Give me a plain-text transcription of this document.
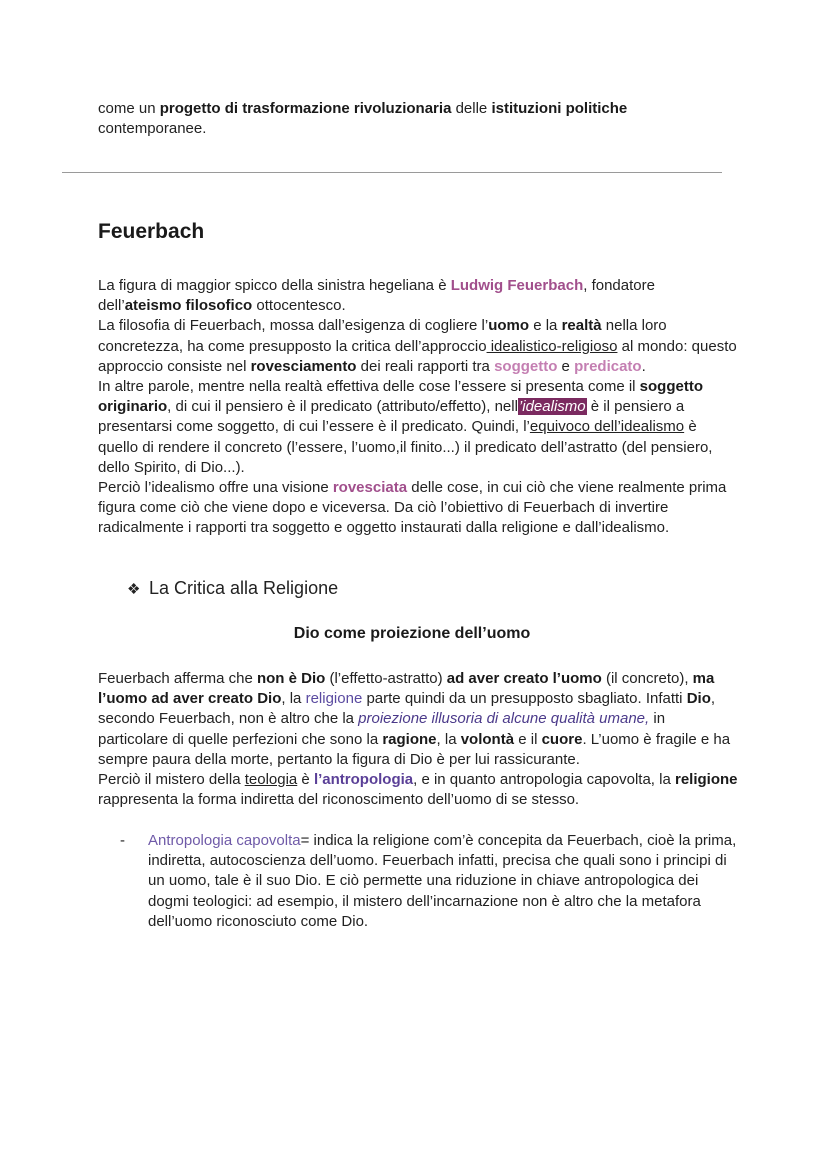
come un progetto di trasformazione rivoluzionaria delle istituzioni politiche
contemporanee.

Feuerbach

La figura di maggior spicco della sinistra hegeliana è Ludwig Feuerbach, fondatore dell’ateismo filosofico ottocentesco.
La filosofia di Feuerbach, mossa dall’esigenza di cogliere l’uomo e la realtà nella loro concretezza, ha come presupposto la critica dell’approccio idealistico-religioso al mondo: questo approccio consiste nel rovesciamento dei reali rapporti tra soggetto e predicato.
In altre parole, mentre nella realtà effettiva delle cose l’essere si presenta come il soggetto originario, di cui il pensiero è il predicato (attributo/effetto), nell’idealismo è il pensiero a presentarsi come soggetto, di cui l’essere è il predicato. Quindi, l’equivoco dell’idealismo è quello di rendere il concreto (l’essere, l’uomo,il finito...) il predicato dell’astratto (del pensiero, dello Spirito, di Dio...).
Perciò l’idealismo offre una visione rovesciata delle cose, in cui ciò che viene realmente prima figura come ciò che viene dopo e viceversa. Da ciò l’obiettivo di Feuerbach di invertire radicalmente i rapporti tra soggetto e oggetto instaurati dalla religione e dall’idealismo.

❖ La Critica alla Religione
Dio come proiezione dell’uomo

Feuerbach afferma che non è Dio (l’effetto-astratto) ad aver creato l’uomo (il concreto), ma l’uomo ad aver creato Dio, la religione parte quindi da un presupposto sbagliato. Infatti Dio, secondo Feuerbach, non è altro che la proiezione illusoria di alcune qualità umane, in particolare di quelle perfezioni che sono la ragione, la volontà e il cuore. L’uomo è fragile e ha sempre paura della morte, pertanto la figura di Dio è per lui rassicurante.
Perciò il mistero della teologia è l’antropologia, e in quanto antropologia capovolta, la religione rappresenta la forma indiretta del riconoscimento dell’uomo di se stesso.

- Antropologia capovolta= indica la religione com’è concepita da Feuerbach, cioè la prima, indiretta, autocoscienza dell’uomo. Feuerbach infatti, precisa che quali sono i principi di un uomo, tale è il suo Dio. E ciò permette una riduzione in chiave antropologica dei dogmi teologici: ad esempio, il mistero dell’incarnazione non è altro che la metafora dell’uomo riconosciuto come Dio.
